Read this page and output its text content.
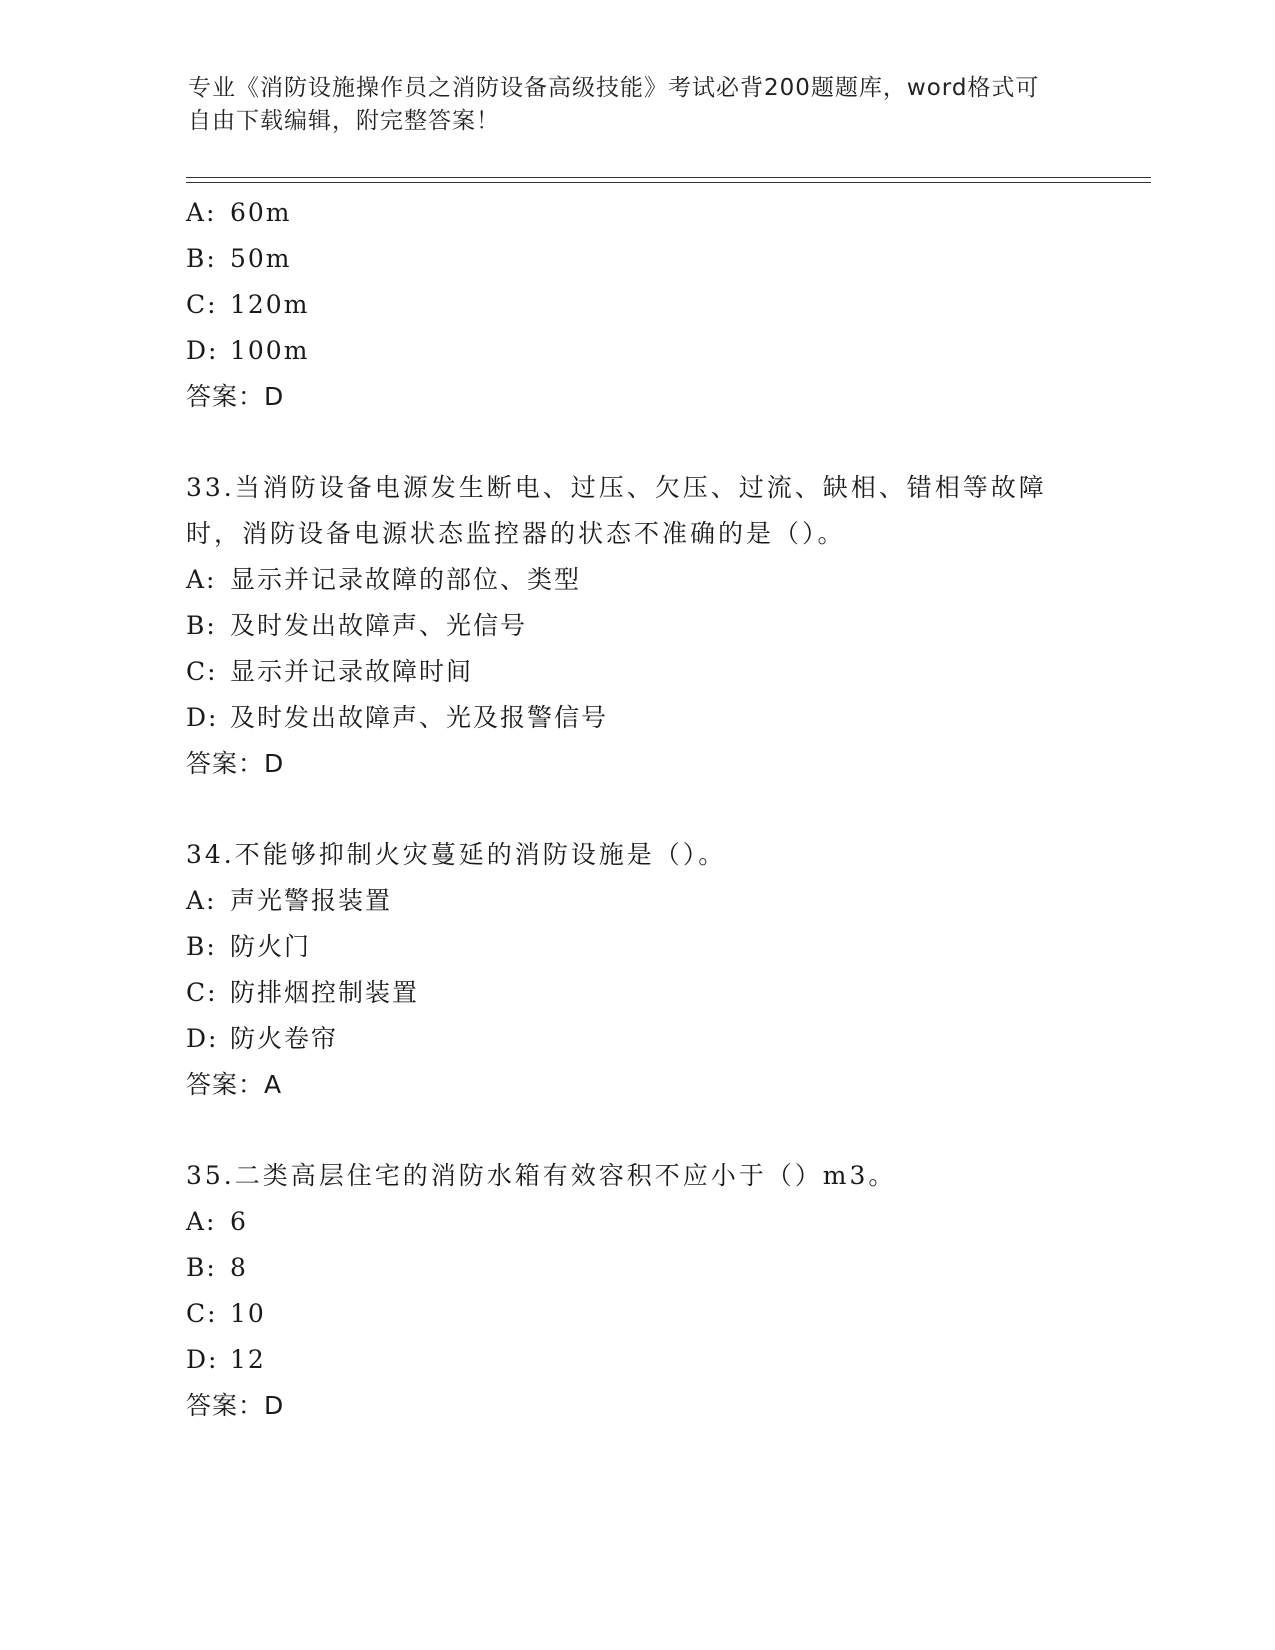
专业《消防设施操作员之消防设备高级技能》考试必背200题题库，word格式可
自由下载编辑，附完整答案！
A: 60m
B: 50m
C: 120m
D: 100m
答案：D
33.当消防设备电源发生断电、过压、欠压、过流、缺相、错相等故障
时，消防设备电源状态监控器的状态不准确的是（）。
A: 显示并记录故障的部位、类型
B: 及时发出故障声、光信号
C: 显示并记录故障时间
D: 及时发出故障声、光及报警信号
答案：D
34.不能够抑制火灾蔓延的消防设施是（）。
A: 声光警报装置
B: 防火门
C: 防排烟控制装置
D: 防火卷帘
答案：A
35.二类高层住宅的消防水箱有效容积不应小于（）m3。
A: 6
B: 8
C: 10
D: 12
答案：D
